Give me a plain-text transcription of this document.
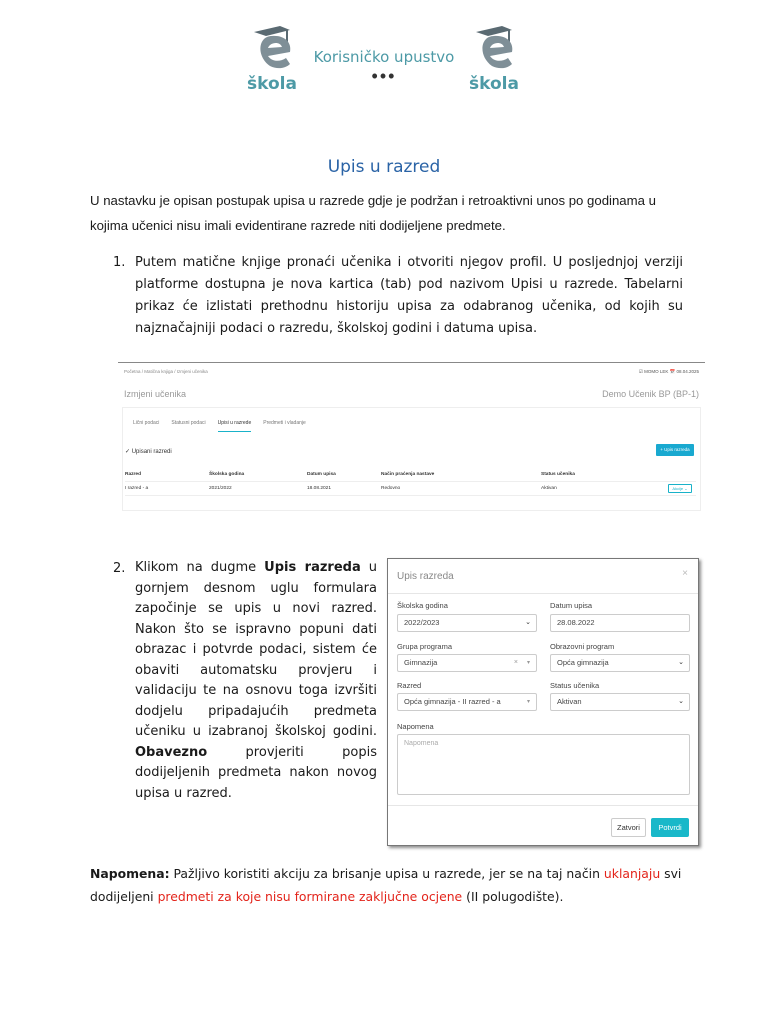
škola
Korisničko upustvo
•••	škola
Upis u razred
U nastavku je opisan postupak upisa u razrede gdje je podržan i retroaktivni unos po godinama u kojima učenici nisu imali evidentirane razrede niti dodijeljene predmete.
1. Putem matične knjige pronaći učenika i otvoriti njegov profil. U posljednjoj verziji platforme dostupna je nova kartica (tab) pod nazivom Upisi u razrede. Tabelarni prikaz će izlistati prethodnu historiju upisa za odabranog učenika, od kojih su najznačajniji podaci o razredu, školskoj godini i datuma upisa.
Početna / Matična knjiga / Izmjeni učenika	☑ MOMO LEK 📅 08.04.2025
Izmjeni učenika	Demo Učenik BP (BP-1)
Lični podaci Statusni podaci Upisi u razrede Predmeti i vladanje
✓ Upisani razredi	+ Upis razreda
Razred	Školska godina	Datum upisa	Način praćenja nastave	Status učenika
I razred - a	2021/2022	18.08.2021	Redovno	Aktivan	Akcije ⌄
2. Klikom na dugme Upis razreda u gornjem desnom uglu formulara započinje se upis u novi razred. Nakon što se ispravno popuni dati obrazac i potvrde podaci, sistem će obaviti automatsku provjeru i validaciju te na osnovu toga izvršiti dodjelu pripadajućih predmeta učeniku u izabranoj školskoj godini. Obavezno provjeriti popis dodijeljenih predmeta nakon novog upisa u razred.
Upis razreda	×
Školska godina
2022/2023	⌄
Datum upisa
28.08.2022
Grupa programa
Gimnazija	× ▾
Obrazovni program
Opća gimnazija	⌄
Razred
Opća gimnazija - II razred - a	▾
Status učenika
Aktivan	⌄
Napomena
Napomena
Zatvori	Potvrdi
Napomena: Pažljivo koristiti akciju za brisanje upisa u razrede, jer se na taj način uklanjaju svi dodijeljeni predmeti za koje nisu formirane zaključne ocjene (II polugodište).
